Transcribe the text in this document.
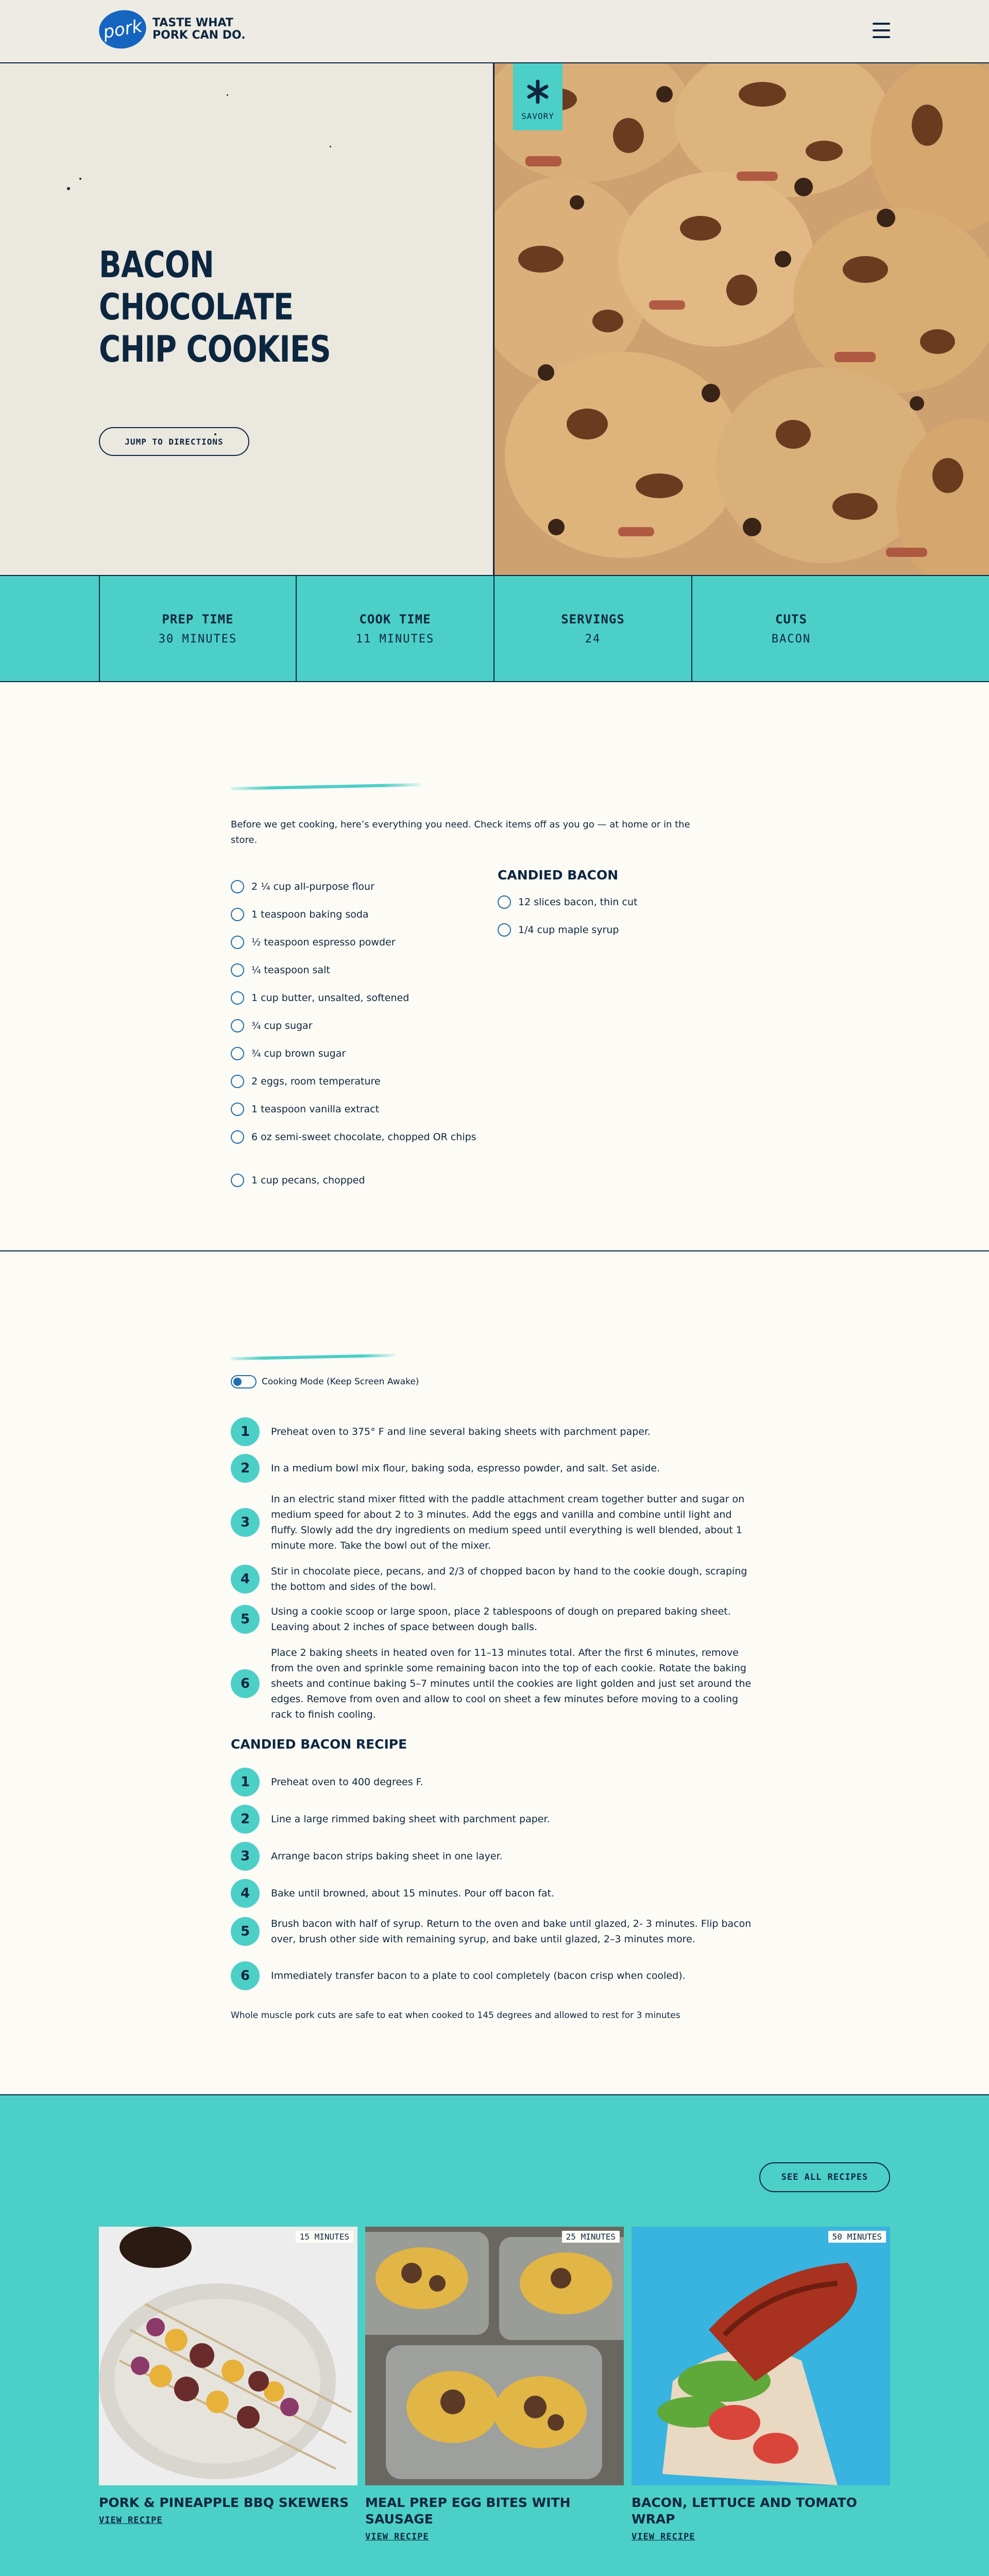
pork TASTE WHAT
PORK CAN DO.
BACON CHOCOLATE CHIP COOKIES
JUMP TO DIRECTIONS
SAVORY
PREP TIME
30 MINUTES
COOK TIME
11 MINUTES
SERVINGS
24
CUTS
BACON

Before we get cooking, here’s everything you need. Check items off as you go — at home or in the store.

2 ¼ cup all-purpose flour
1 teaspoon baking soda
½ teaspoon espresso powder
¼ teaspoon salt
1 cup butter, unsalted, softened
¾ cup sugar
¾ cup brown sugar
2 eggs, room temperature
1 teaspoon vanilla extract
6 oz semi-sweet chocolate, chopped OR chips
1 cup pecans, chopped
CANDIED BACON
12 slices bacon, thin cut
1/4 cup maple syrup
Cooking Mode (Keep Screen Awake)
1	Preheat oven to 375° F and line several baking sheets with parchment paper.
2	In a medium bowl mix flour, baking soda, espresso powder, and salt. Set aside.
3
In an electric stand mixer fitted with the paddle attachment cream together butter and sugar on medium speed for about 2 to 3 minutes. Add the eggs and vanilla and combine until light and fluffy. Slowly add the dry ingredients on medium speed until everything is well blended, about 1 minute more. Take the bowl out of the mixer.
4	Stir in chocolate piece, pecans, and 2/3 of chopped bacon by hand to the cookie dough, scraping the bottom and sides of the bowl.
5	Using a cookie scoop or large spoon, place 2 tablespoons of dough on prepared baking sheet. Leaving about 2 inches of space between dough balls.
6
Place 2 baking sheets in heated oven for 11–13 minutes total. After the first 6 minutes, remove from the oven and sprinkle some remaining bacon into the top of each cookie. Rotate the baking sheets and continue baking 5–7 minutes until the cookies are light golden and just set around the edges. Remove from oven and allow to cool on sheet a few minutes before moving to a cooling rack to finish cooling.
CANDIED BACON RECIPE
1	Preheat oven to 400 degrees F.
2	Line a large rimmed baking sheet with parchment paper.
3	Arrange bacon strips baking sheet in one layer.
4	Bake until browned, about 15 minutes. Pour off bacon fat.
5	Brush bacon with half of syrup. Return to the oven and bake until glazed, 2- 3 minutes. Flip bacon over, brush other side with remaining syrup, and bake until glazed, 2–3 minutes more.
6	Immediately transfer bacon to a plate to cool completely (bacon crisp when cooled).

Whole muscle pork cuts are safe to eat when cooked to 145 degrees and allowed to rest for 3 minutes

SEE ALL RECIPES
15 MINUTES
PORK & PINEAPPLE BBQ SKEWERS
VIEW RECIPE
25 MINUTES
MEAL PREP EGG BITES WITH SAUSAGE
VIEW RECIPE
50 MINUTES
BACON, LETTUCE AND TOMATO WRAP
VIEW RECIPE
